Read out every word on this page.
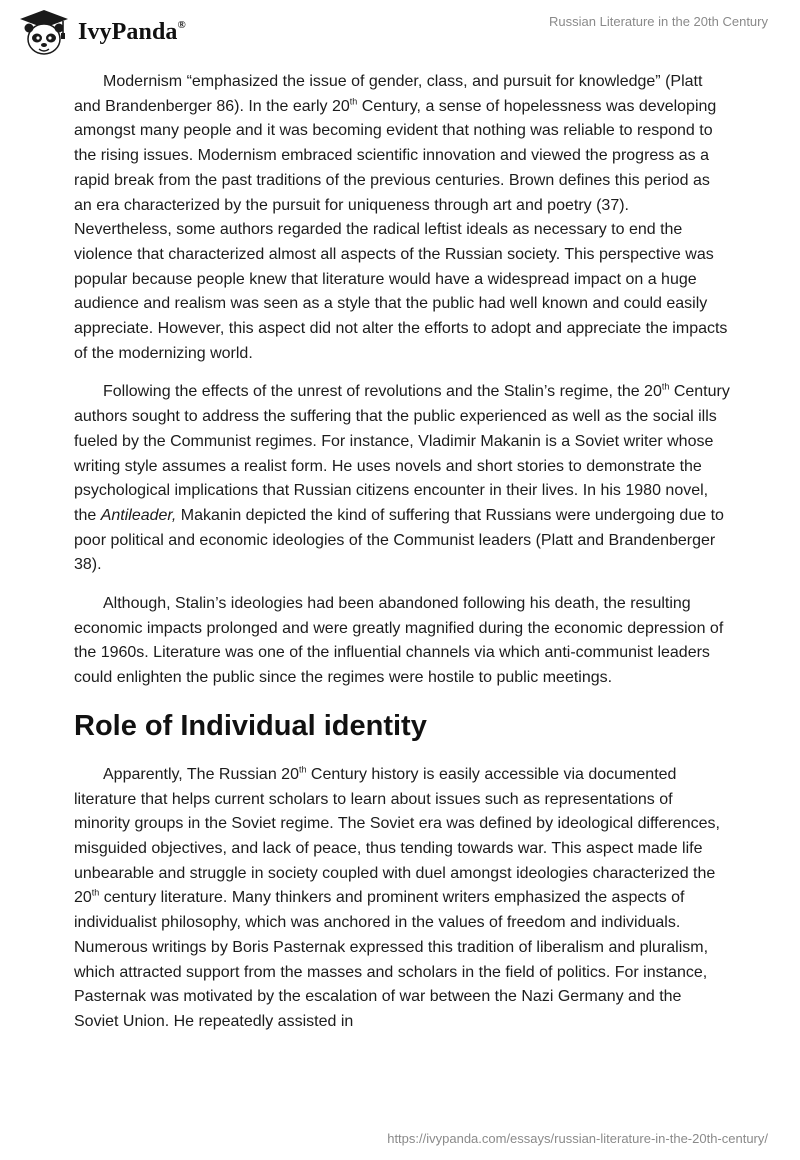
IvyPanda®	Russian Literature in the 20th Century

Modernism “emphasized the issue of gender, class, and pursuit for knowledge” (Platt and Brandenberger 86). In the early 20th Century, a sense of hopelessness was developing amongst many people and it was becoming evident that nothing was reliable to respond to the rising issues. Modernism embraced scientific innovation and viewed the progress as a rapid break from the past traditions of the previous centuries. Brown defines this period as an era characterized by the pursuit for uniqueness through art and poetry (37). Nevertheless, some authors regarded the radical leftist ideals as necessary to end the violence that characterized almost all aspects of the Russian society. This perspective was popular because people knew that literature would have a widespread impact on a huge audience and realism was seen as a style that the public had well known and could easily appreciate. However, this aspect did not alter the efforts to adopt and appreciate the impacts of the modernizing world.

Following the effects of the unrest of revolutions and the Stalin’s regime, the 20th Century authors sought to address the suffering that the public experienced as well as the social ills fueled by the Communist regimes. For instance, Vladimir Makanin is a Soviet writer whose writing style assumes a realist form. He uses novels and short stories to demonstrate the psychological implications that Russian citizens encounter in their lives. In his 1980 novel, the Antileader, Makanin depicted the kind of suffering that Russians were undergoing due to poor political and economic ideologies of the Communist leaders (Platt and Brandenberger 38).

Although, Stalin’s ideologies had been abandoned following his death, the resulting economic impacts prolonged and were greatly magnified during the economic depression of the 1960s. Literature was one of the influential channels via which anti-communist leaders could enlighten the public since the regimes were hostile to public meetings.

Role of Individual identity

Apparently, The Russian 20th Century history is easily accessible via documented literature that helps current scholars to learn about issues such as representations of minority groups in the Soviet regime. The Soviet era was defined by ideological differences, misguided objectives, and lack of peace, thus tending towards war. This aspect made life unbearable and struggle in society coupled with duel amongst ideologies characterized the 20th century literature. Many thinkers and prominent writers emphasized the aspects of individualist philosophy, which was anchored in the values of freedom and individuals. Numerous writings by Boris Pasternak expressed this tradition of liberalism and pluralism, which attracted support from the masses and scholars in the field of politics. For instance, Pasternak was motivated by the escalation of war between the Nazi Germany and the Soviet Union. He repeatedly assisted in

https://ivypanda.com/essays/russian-literature-in-the-20th-century/
